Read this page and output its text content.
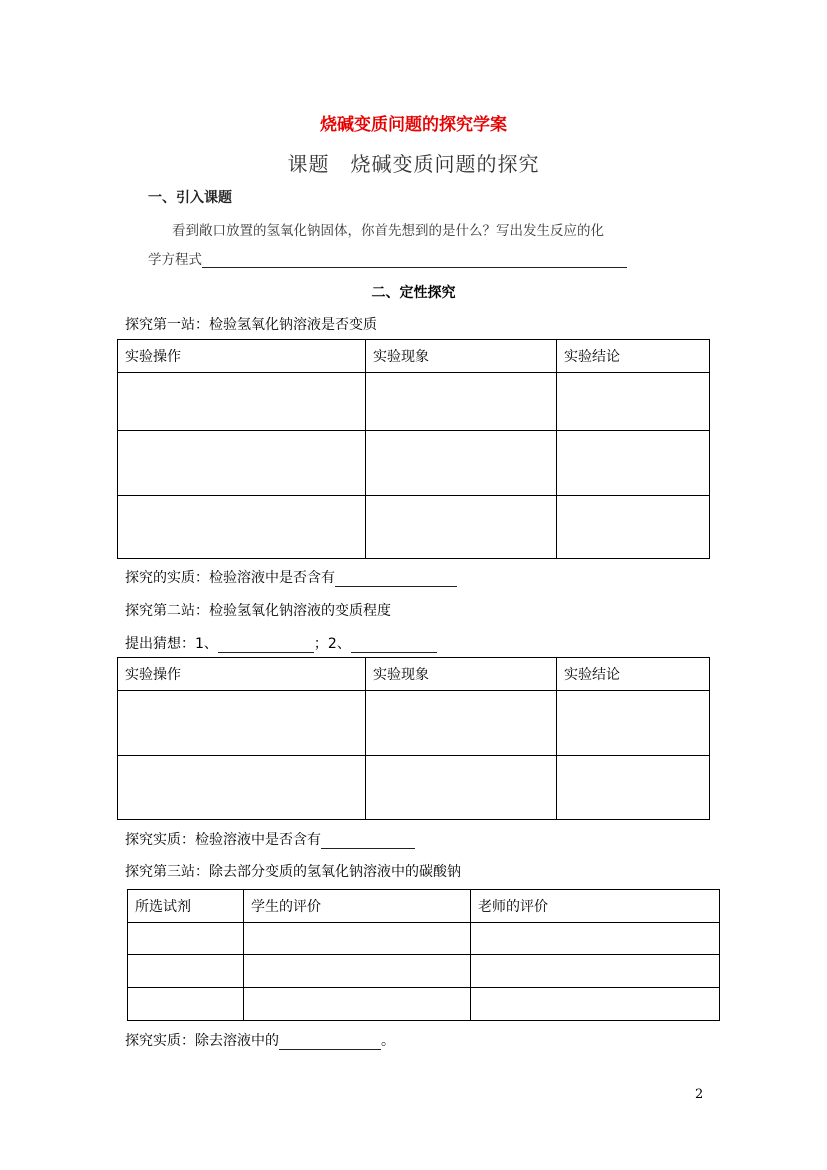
烧碱变质问题的探究学案
课题　烧碱变质问题的探究
一、引入课题
看到敞口放置的氢氧化钠固体，你首先想到的是什么？写出发生反应的化
学方程式
二、定性探究
探究第一站：检验氢氧化钠溶液是否变质
实验操作	实验现象	实验结论

探究的实质：检验溶液中是否含有
探究第二站：检验氢氧化钠溶液的变质程度
提出猜想：1、	；2、
实验操作	实验现象	实验结论

探究实质：检验溶液中是否含有
探究第三站：除去部分变质的氢氧化钠溶液中的碳酸钠
所选试剂	学生的评价	老师的评价

探究实质：除去溶液中的	。
2
